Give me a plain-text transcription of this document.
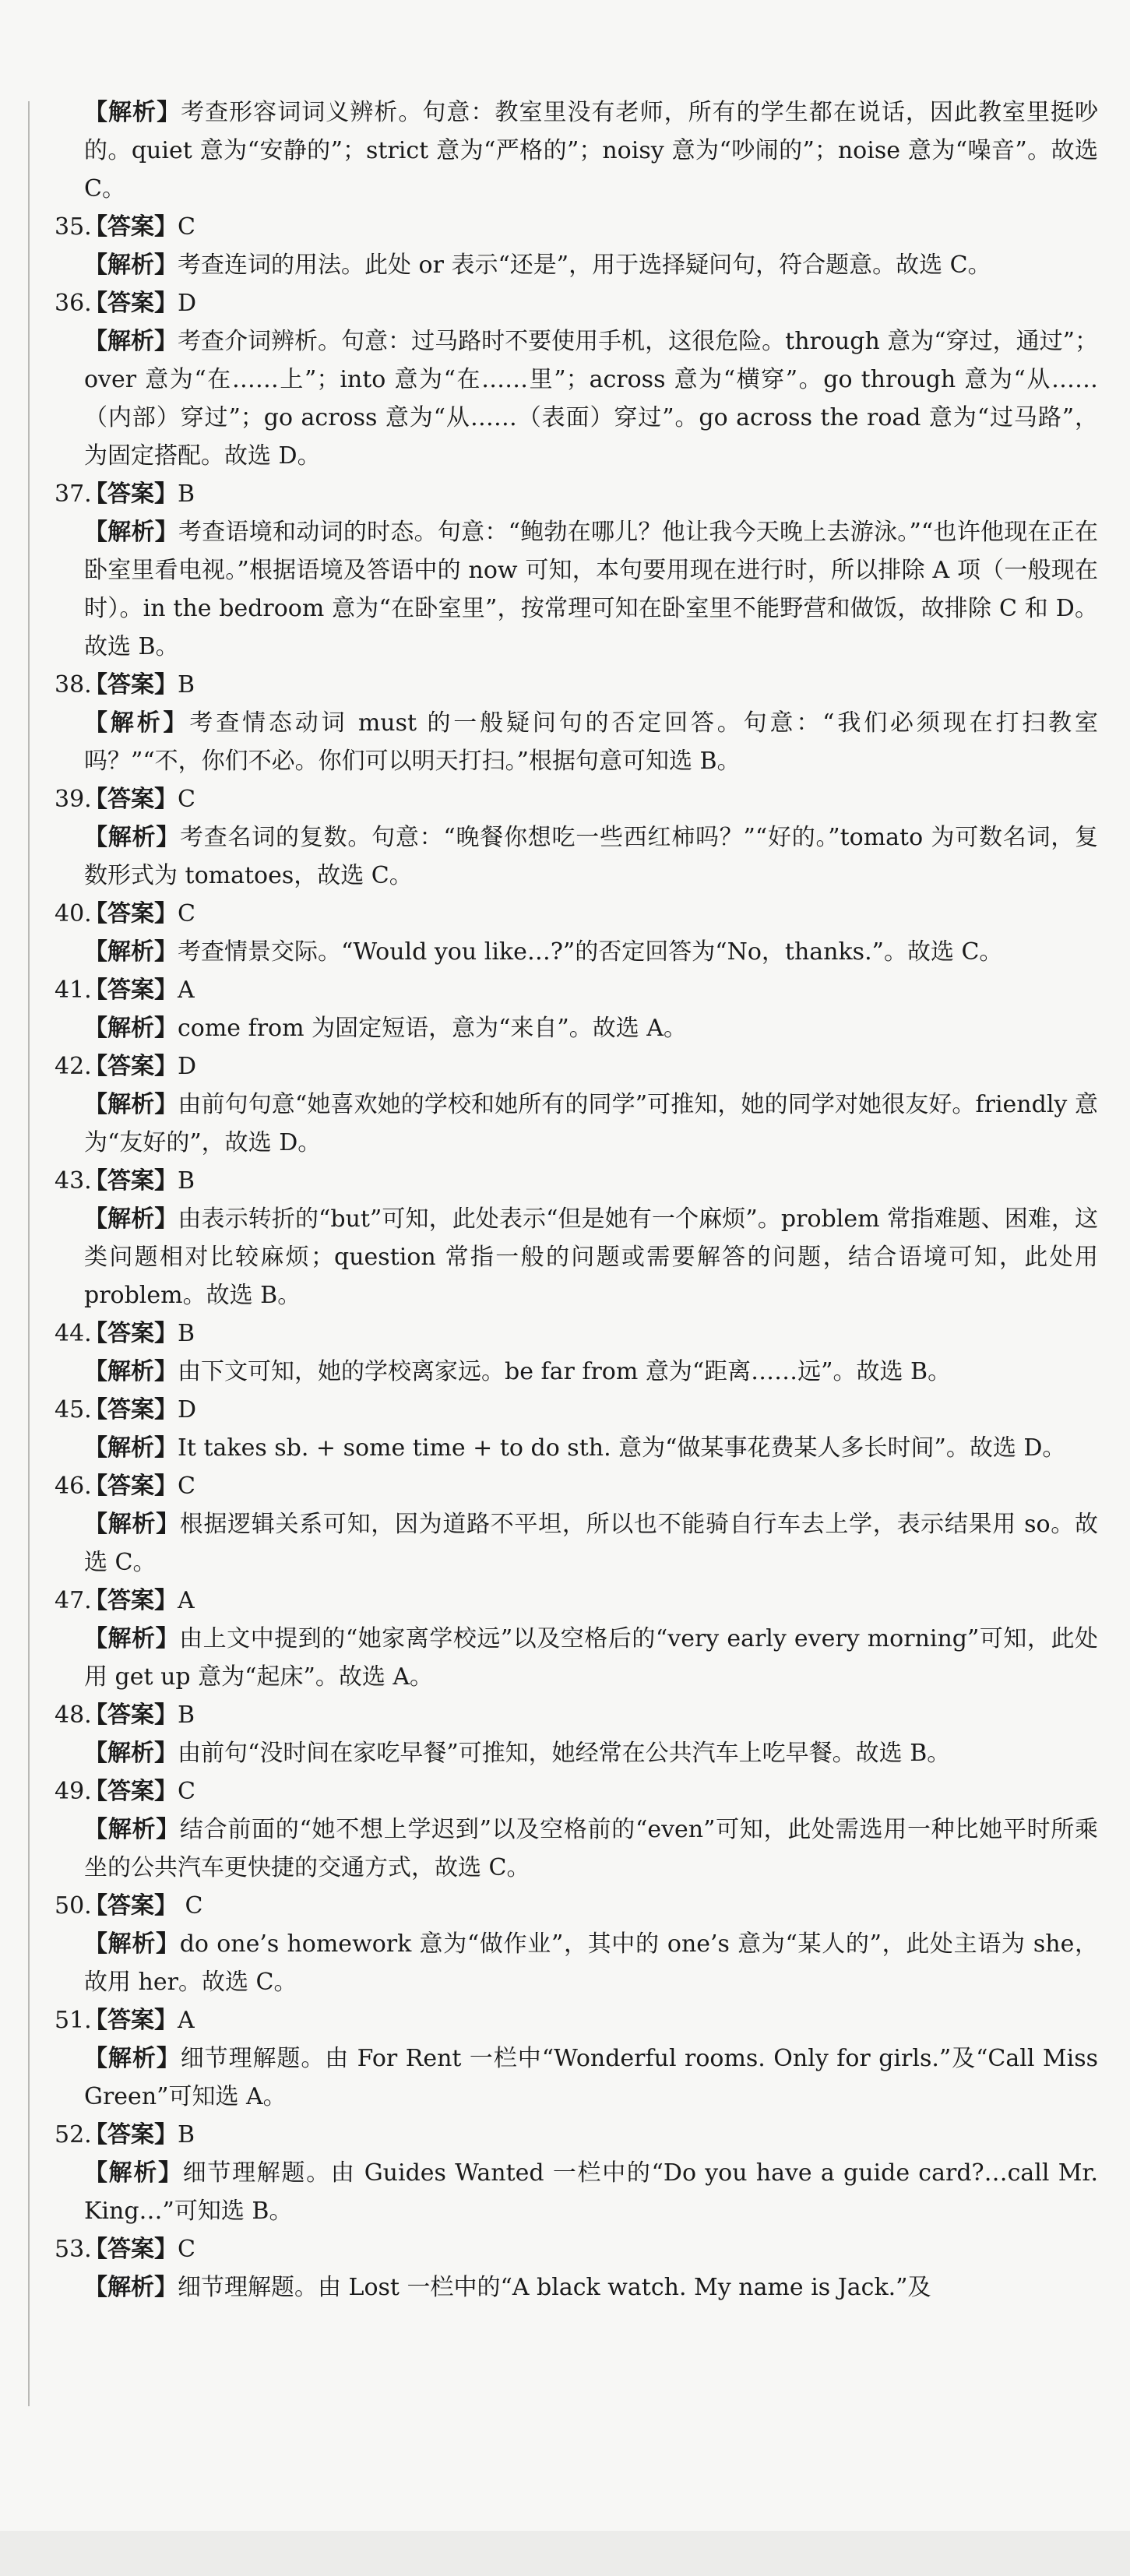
【解析】考查形容词词义辨析。句意：教室里没有老师，所有的学生都在说话，因此教室里挺吵的。quiet 意为“安静的”；strict 意为“严格的”；noisy 意为“吵闹的”；noise 意为“噪音”。故选 C。

35.【答案】C

【解析】考查连词的用法。此处 or 表示“还是”，用于选择疑问句，符合题意。故选 C。

36.【答案】D

【解析】考查介词辨析。句意：过马路时不要使用手机，这很危险。through 意为“穿过，通过”；over 意为“在……上”；into 意为“在……里”；across 意为“横穿”。go through 意为“从……（内部）穿过”；go across 意为“从……（表面）穿过”。go across the road 意为“过马路”，为固定搭配。故选 D。

37.【答案】B

【解析】考查语境和动词的时态。句意：“鲍勃在哪儿？他让我今天晚上去游泳。”“也许他现在正在卧室里看电视。”根据语境及答语中的 now 可知，本句要用现在进行时，所以排除 A 项（一般现在时）。in the bedroom 意为“在卧室里”，按常理可知在卧室里不能野营和做饭，故排除 C 和 D。故选 B。

38.【答案】B

【解析】考查情态动词 must 的一般疑问句的否定回答。句意：“我们必须现在打扫教室吗？”“不，你们不必。你们可以明天打扫。”根据句意可知选 B。

39.【答案】C

【解析】考查名词的复数。句意：“晚餐你想吃一些西红柿吗？”“好的。”tomato 为可数名词，复数形式为 tomatoes，故选 C。

40.【答案】C

【解析】考查情景交际。“Would you like…?”的否定回答为“No，thanks.”。故选 C。

41.【答案】A

【解析】come from 为固定短语，意为“来自”。故选 A。

42.【答案】D

【解析】由前句句意“她喜欢她的学校和她所有的同学”可推知，她的同学对她很友好。friendly 意为“友好的”，故选 D。

43.【答案】B

【解析】由表示转折的“but”可知，此处表示“但是她有一个麻烦”。problem 常指难题、困难，这类问题相对比较麻烦；question 常指一般的问题或需要解答的问题，结合语境可知，此处用 problem。故选 B。

44.【答案】B

【解析】由下文可知，她的学校离家远。be far from 意为“距离……远”。故选 B。

45.【答案】D

【解析】It takes sb. + some time + to do sth. 意为“做某事花费某人多长时间”。故选 D。

46.【答案】C

【解析】根据逻辑关系可知，因为道路不平坦，所以也不能骑自行车去上学，表示结果用 so。故选 C。

47.【答案】A

【解析】由上文中提到的“她家离学校远”以及空格后的“very early every morning”可知，此处用 get up 意为“起床”。故选 A。

48.【答案】B

【解析】由前句“没时间在家吃早餐”可推知，她经常在公共汽车上吃早餐。故选 B。

49.【答案】C

【解析】结合前面的“她不想上学迟到”以及空格前的“even”可知，此处需选用一种比她平时所乘坐的公共汽车更快捷的交通方式，故选 C。

50.【答案】 C

【解析】do one’s homework 意为“做作业”，其中的 one’s 意为“某人的”，此处主语为 she，故用 her。故选 C。

51.【答案】A

【解析】细节理解题。由 For Rent 一栏中“Wonderful rooms. Only for girls.”及“Call Miss Green”可知选 A。

52.【答案】B

【解析】细节理解题。由 Guides Wanted 一栏中的“Do you have a guide card?…call Mr. King…”可知选 B。

53.【答案】C

【解析】细节理解题。由 Lost 一栏中的“A black watch. My name is Jack.”及
